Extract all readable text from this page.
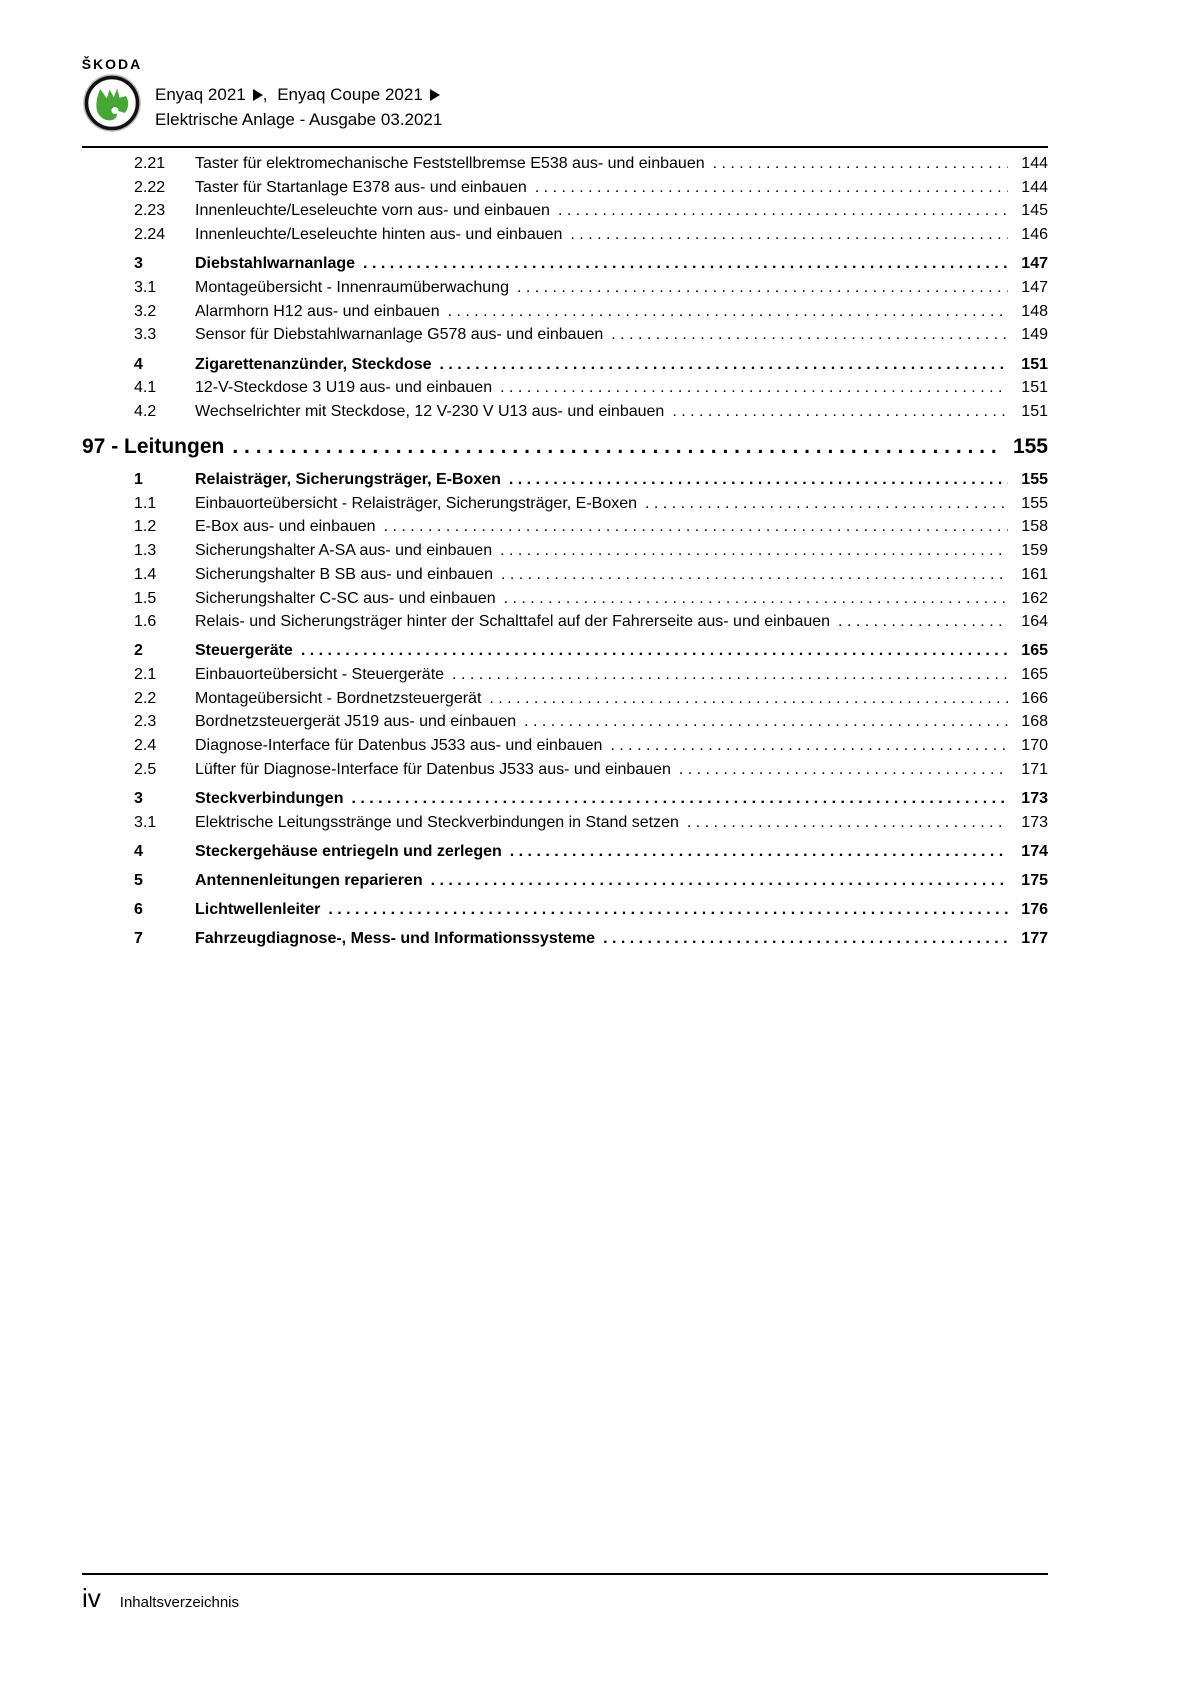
ŠKODA
Enyaq 2021 , Enyaq Coupe 2021
Elektrische Anlage - Ausgabe 03.2021
2.21	Taster für elektromechanische Feststellbremse E538 aus- und einbauen . . .	144
2.22	Taster für Startanlage E378 aus- und einbauen . . .	144
2.23	Innenleuchte/Leseleuchte vorn aus- und einbauen . . .	145
2.24	Innenleuchte/Leseleuchte hinten aus- und einbauen . . .	146
3	Diebstahlwarnanlage . . .	147
3.1	Montageübersicht - Innenraumüberwachung . . .	147
3.2	Alarmhorn H12 aus- und einbauen . . .	148
3.3	Sensor für Diebstahlwarnanlage G578 aus- und einbauen . . .	149
4	Zigarettenanzünder, Steckdose . . .	151
4.1	12-V-Steckdose 3 U19 aus- und einbauen . . .	151
4.2	Wechselrichter mit Steckdose, 12 V-230 V U13 aus- und einbauen . . .	151
97 - Leitungen . . .	155
1	Relaisträger, Sicherungsträger, E-Boxen . . .	155
1.1	Einbauorteübersicht - Relaisträger, Sicherungsträger, E-Boxen . . .	155
1.2	E-Box aus- und einbauen . . .	158
1.3	Sicherungshalter A-SA aus- und einbauen . . .	159
1.4	Sicherungshalter B SB aus- und einbauen . . .	161
1.5	Sicherungshalter C-SC aus- und einbauen . . .	162
1.6	Relais- und Sicherungsträger hinter der Schalttafel auf der Fahrerseite aus- und einbauen . . .	164
2	Steuergeräte . . .	165
2.1	Einbauorteübersicht - Steuergeräte . . .	165
2.2	Montageübersicht - Bordnetzsteuergerät . . .	166
2.3	Bordnetzsteuergerät J519 aus- und einbauen . . .	168
2.4	Diagnose-Interface für Datenbus J533 aus- und einbauen . . .	170
2.5	Lüfter für Diagnose-Interface für Datenbus J533 aus- und einbauen . . .	171
3	Steckverbindungen . . .	173
3.1	Elektrische Leitungsstränge und Steckverbindungen in Stand setzen . . .	173
4	Steckergehäuse entriegeln und zerlegen . . .	174
5	Antennenleitungen reparieren . . .	175
6	Lichtwellenleiter . . .	176
7	Fahrzeugdiagnose-, Mess- und Informationssysteme . . .	177
iv Inhaltsverzeichnis
